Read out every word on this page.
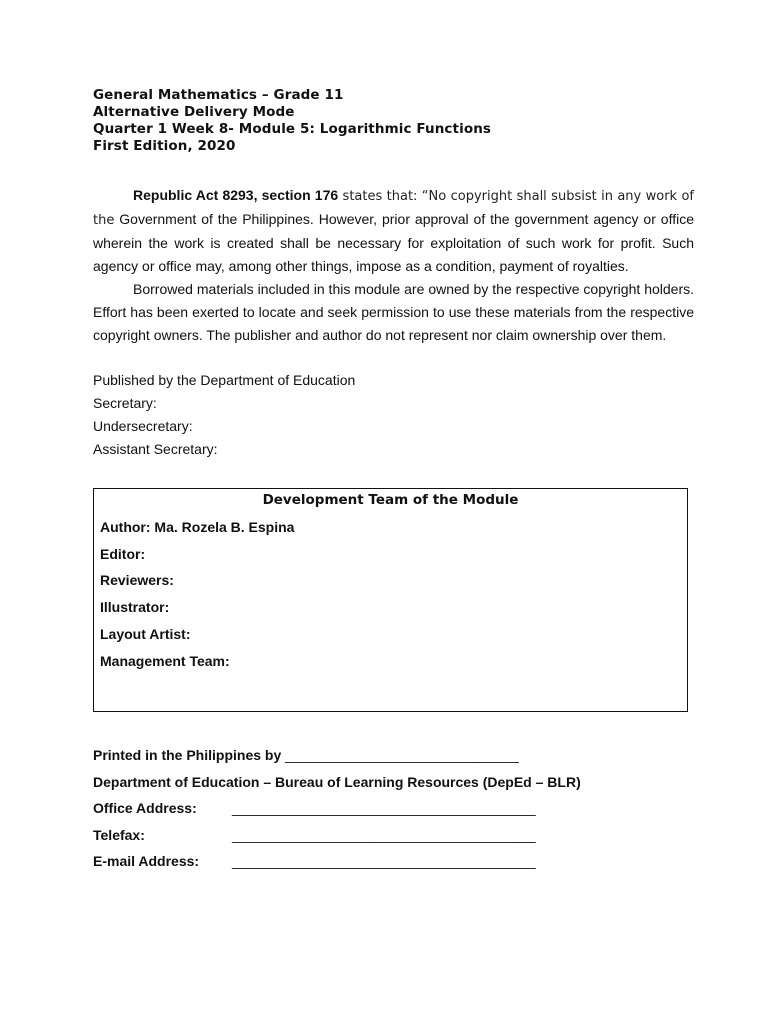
General Mathematics – Grade 11
Alternative Delivery Mode
Quarter 1 Week 8- Module 5: Logarithmic Functions
First Edition, 2020

Republic Act 8293, section 176 states that: “No copyright shall subsist in any work of the Government of the Philippines. However, prior approval of the government agency or office wherein the work is created shall be necessary for exploitation of such work for profit. Such agency or office may, among other things, impose as a condition, payment of royalties.

Borrowed materials included in this module are owned by the respective copyright holders. Effort has been exerted to locate and seek permission to use these materials from the respective copyright owners. The publisher and author do not represent nor claim ownership over them.

Published by the Department of Education
Secretary:
Undersecretary:
Assistant Secretary:
Development Team of the Module
Author: Ma. Rozela B. Espina
Editor:
Reviewers:
Illustrator:
Layout Artist:
Management Team:
Printed in the Philippines by ______________________________
Department of Education – Bureau of Learning Resources (DepEd – BLR)
Office Address:	_______________________________________
Telefax:	_______________________________________
E-mail Address: _______________________________________
